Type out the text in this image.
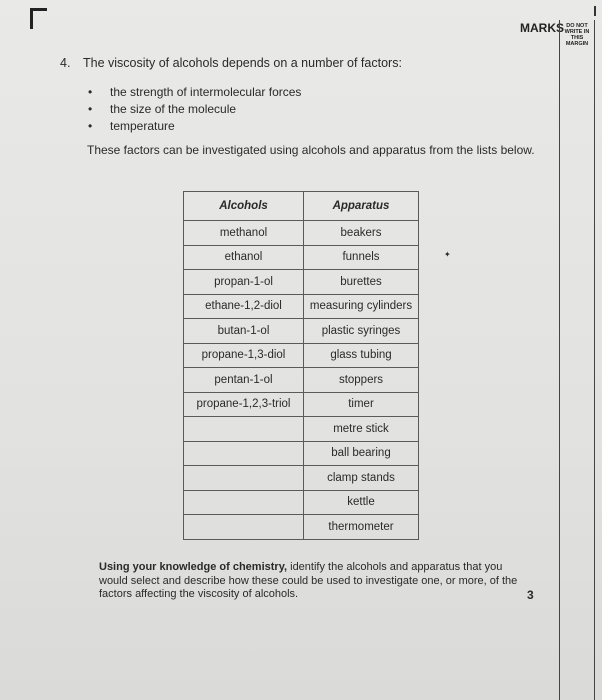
MARKS DO NOT
WRITE IN
THIS
MARGIN
4. The viscosity of alcohols depends on a number of factors:
• the strength of intermolecular forces
• the size of the molecule
• temperature
These factors can be investigated using alcohols and apparatus from the lists below.
Alcohols	Apparatus
methanol	beakers
ethanol	funnels
propan-1-ol	burettes
ethane-1,2-diol	measuring cylinders
butan-1-ol	plastic syringes
propane-1,3-diol	glass tubing
pentan-1-ol	stoppers
propane-1,2,3-triol	timer
	metre stick
	ball bearing
	clamp stands
	kettle
	thermometer
✦
Using your knowledge of chemistry, identify the alcohols and apparatus that you would select and describe how these could be used to investigate one, or more, of the factors affecting the viscosity of alcohols.	3
